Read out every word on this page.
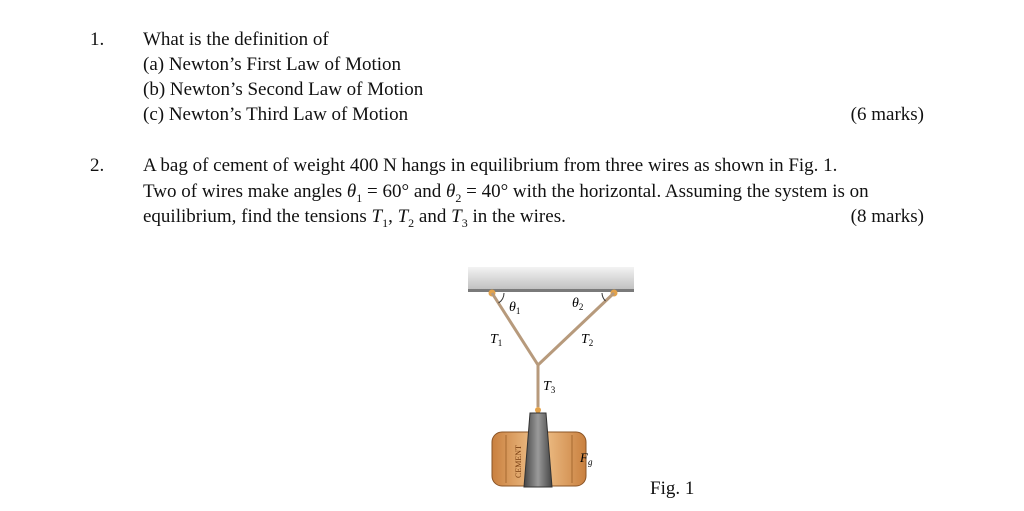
1. What is the definition of
(a) Newton’s First Law of Motion
(b) Newton’s Second Law of Motion
(c) Newton’s Third Law of Motion	(6 marks)
2. A bag of cement of weight 400 N hangs in equilibrium from three wires as shown in Fig. 1.
Two of wires make angles $\theta_1 = 60^\circ$ and $\theta_2 = 40^\circ$ with the horizontal. Assuming the system is on
equilibrium, find the tensions $T_1$, $T_2$ and $T_3$ in the wires.	(8 marks)
$\theta_1$	$\theta_2$
$T_1$	$T_2$
$T_3$
CEMENT	$F_g$
Fig. 1
